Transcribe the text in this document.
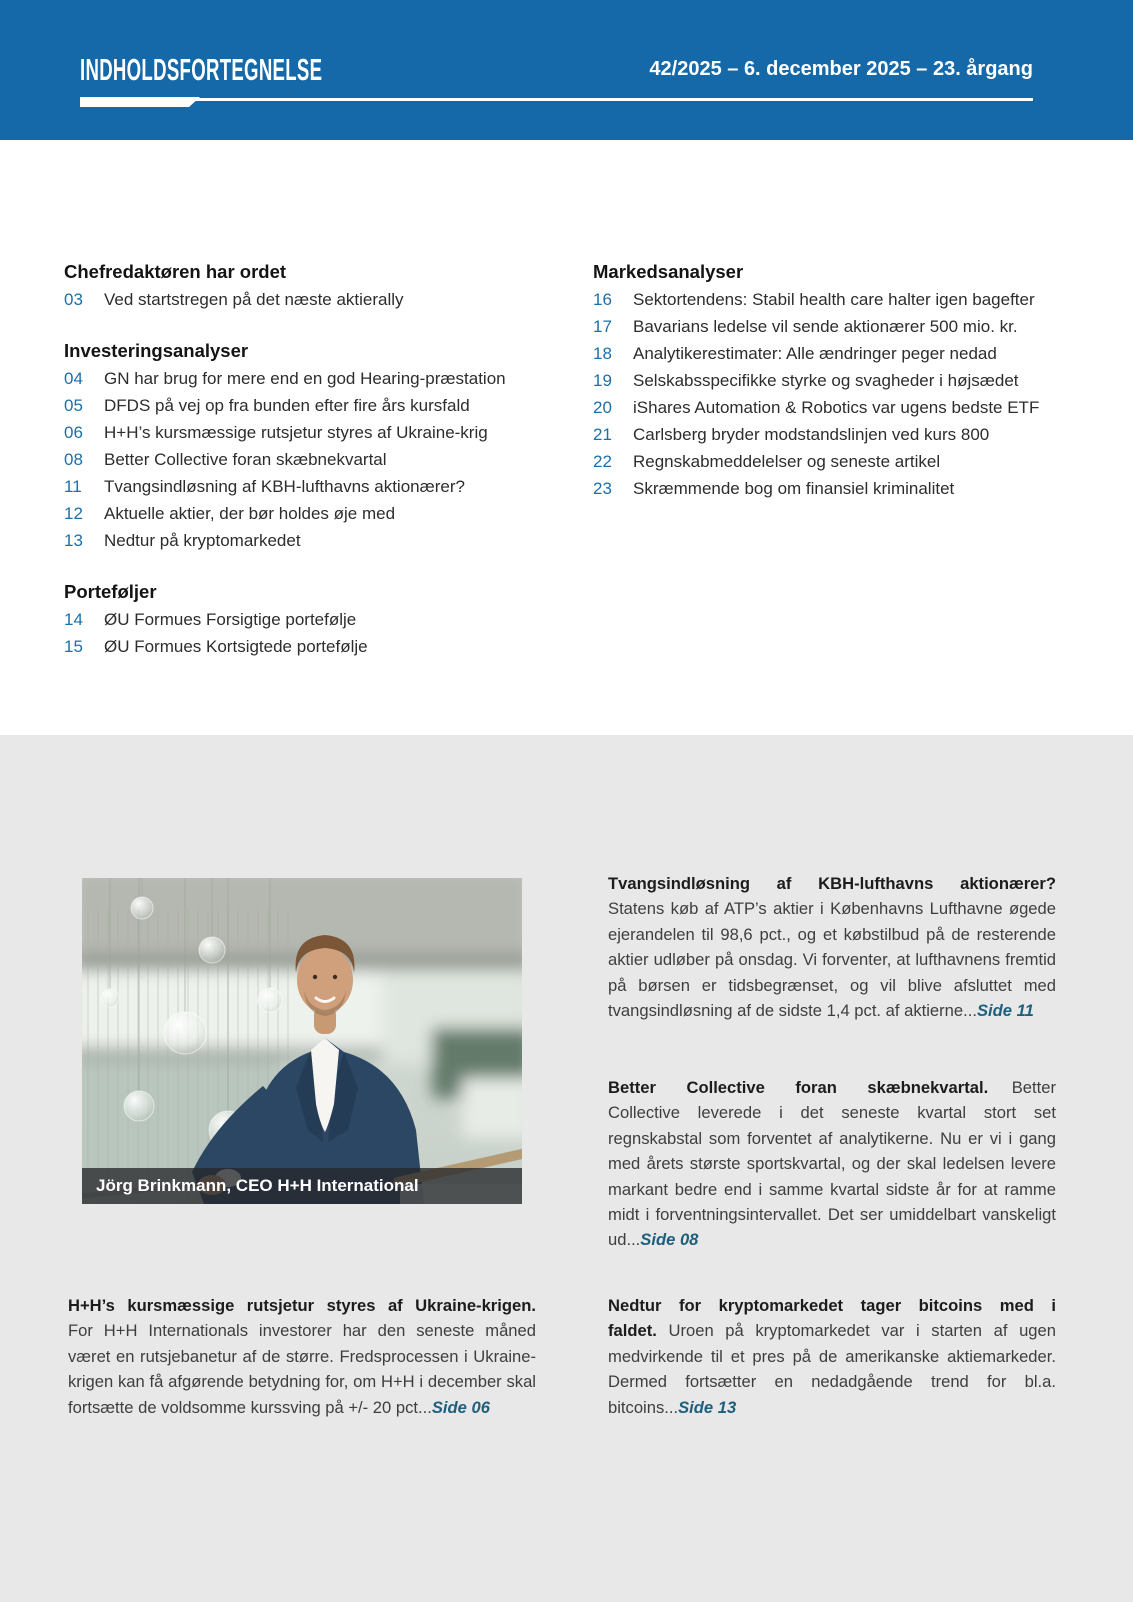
INDHOLDSFORTEGNELSE	42/2025 – 6. december 2025 – 23. årgang
Chefredaktøren har ordet
03	Ved startstregen på det næste aktierally
Investeringsanalyser
04	GN har brug for mere end en god Hearing-præstation
05	DFDS på vej op fra bunden efter fire års kursfald
06	H+H’s kursmæssige rutsjetur styres af Ukraine-krig
08	Better Collective foran skæbnekvartal
11	Tvangsindløsning af KBH-lufthavns aktionærer?
12	Aktuelle aktier, der bør holdes øje med
13	Nedtur på kryptomarkedet
Porteføljer
14	ØU Formues Forsigtige portefølje
15	ØU Formues Kortsigtede portefølje
Markedsanalyser
16	Sektortendens: Stabil health care halter igen bagefter
17	Bavarians ledelse vil sende aktionærer 500 mio. kr.
18	Analytikerestimater: Alle ændringer peger nedad
19	Selskabsspecifikke styrke og svagheder i højsædet
20	iShares Automation & Robotics var ugens bedste ETF
21	Carlsberg bryder modstandslinjen ved kurs 800
22	Regnskabmeddelelser og seneste artikel
23	Skræmmende bog om finansiel kriminalitet
Jörg Brinkmann, CEO H+H International
Tvangsindløsning af KBH-lufthavns aktionærer? Statens køb af ATP’s aktier i Københavns Lufthavne øgede ejerandelen til 98,6 pct., og et købstilbud på de resterende aktier udløber på onsdag. Vi forventer, at lufthavnens fremtid på børsen er tidsbegrænset, og vil blive afsluttet med tvangsindløsning af de sidste 1,4 pct. af aktierne...Side 11
Better Collective foran skæbnekvartal. Better Collective leverede i det seneste kvartal stort set regnskabstal som forventet af analytikerne. Nu er vi i gang med årets største sportskvartal, og der skal ledelsen levere markant bedre end i samme kvartal sidste år for at ramme midt i forventningsintervallet. Det ser umiddelbart vanskeligt ud...Side 08
H+H’s kursmæssige rutsjetur styres af Ukraine-krigen. For H+H Internationals investorer har den seneste måned været en rutsjebanetur af de større. Fredsprocessen i Ukraine-krigen kan få afgørende betydning for, om H+H i december skal fortsætte de voldsomme kurssving på +/- 20 pct...Side 06
Nedtur for kryptomarkedet tager bitcoins med i faldet. Uroen på kryptomarkedet var i starten af ugen medvirkende til et pres på de amerikanske aktiemarkeder. Dermed fortsætter en nedadgående trend for bl.a. bitcoins...Side 13
